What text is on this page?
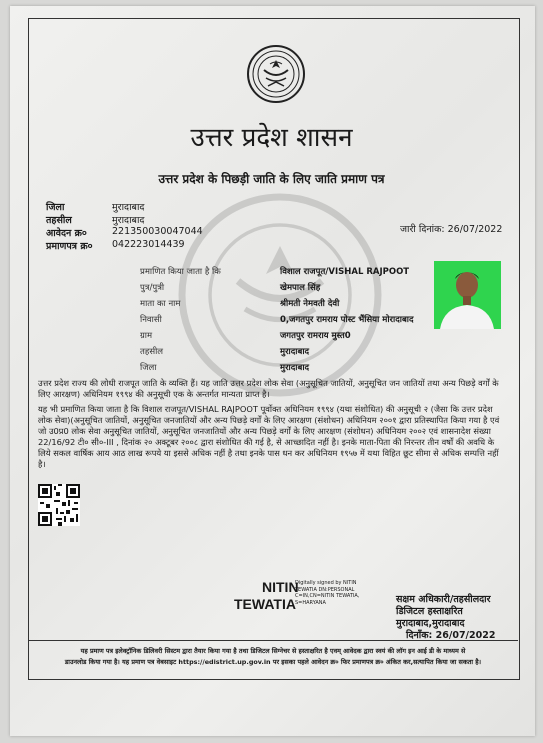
उत्तर प्रदेश शासन
उत्तर प्रदेश के पिछड़ी जाति के लिए जाति प्रमाण पत्र
जिला	मुरादाबाद
तहसील	मुरादाबाद
आवेदन क्र०	221350030047044
प्रमाणपत्र क्र० 042223014439
जारी दिनांक: 26/07/2022
प्रमाणित किया जाता है कि	विशाल राजपूत/VISHAL RAJPOOT
पुत्र/पुत्री	खेमपाल सिंह
माता का नाम	श्रीमती नेमवती देवी
निवासी	0,जगतपुर रामराय पोस्ट भैंसिया मोरादाबाद
ग्राम	जगतपुर रामराय मुस्त0
तहसील	मुरादाबाद
जिला	मुरादाबाद
उत्तर प्रदेश राज्य की लोधी राजपूत जाति के व्यक्ति हैं। यह जाति उत्तर प्रदेश लोक सेवा (अनुसूचित जातियों, अनुसूचित जन जातियों तथा अन्य पिछड़े वर्गों के लिए आरक्षण) अधिनियम १९९४ की अनुसूची एक के अन्तर्गत मान्यता प्राप्त है।
यह भी प्रमाणित किया जाता है कि विशाल राजपूत/VISHAL RAJPOOT पूर्वोक्त अधिनियम १९९४ (यथा संशोधित) की अनुसूची २ (जैसा कि उत्तर प्रदेश लोक सेवा)(अनुसूचित जातियों, अनुसूचित जनजातियों और अन्य पिछड़े वर्गों के लिए आरक्षण (संशोधन) अधिनियम २००१ द्वारा प्रतिस्थापित किया गया है एवं जो उ0प्र0 लोक सेवा अनुसूचित जातियों, अनुसूचित जनजातियों और अन्य पिछड़े वर्गों के लिए आरक्षण (संशोधन) अधिनियम २००२ एवं शासनादेश संख्या 22/16/92 टी० सी०-III , दिनांक २० अक्टूबर २००८ द्वारा संशोधित की गई है, से आच्छादित नहीं है। इनके माता-पिता की निरन्तर तीन वर्षों की अवधि के लिये सकल वार्षिक आय आठ लाख रूपये या इससे अधिक नहीं है तथा इनके पास धन कर अधिनियम १९५७ में यथा विहित छूट सीमा से अधिक सम्पत्ति नहीं है।
NITIN
TEWATIA
Digitally signed by NITIN TEWATIA DN:PERSONAL C=IN,CN=NITIN TEWATIA, S=HARYANA	सक्षम अधिकारी/तहसीलदार
डिजिटल हस्ताक्षरित
मुरादाबाद,मुरादाबाद
दिनाँक: 26/07/2022
यह प्रमाण पत्र इलेक्ट्रॉनिक डिलिवरी सिस्टम द्वारा तैयार किया गया है तथा डिजिटल सिग्नेचर से हस्ताक्षरित है एवम् आवेदक द्वारा स्वयं की लॉग इन आई डी के माध्यम से
डाउनलोड किया गया है। यह प्रमाण पत्र वेबसाइट https://edistrict.up.gov.in पर इसका पहले आवेदन क्र० फिर प्रमाणपत्र क्र० अंकित कर,सत्यापित किया जा सकता है।
